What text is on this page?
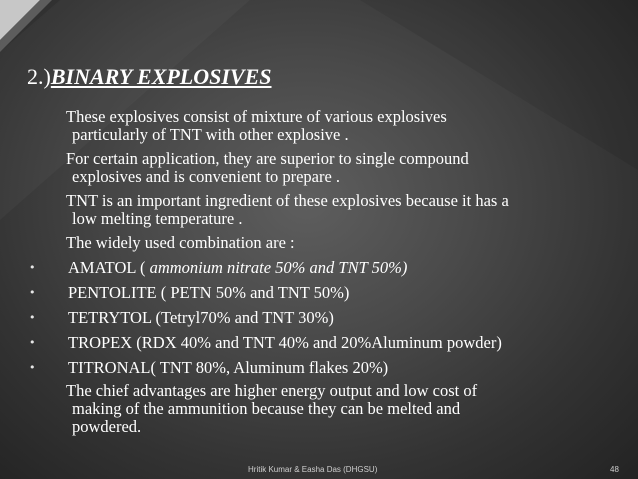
2.)BINARY EXPLOSIVES
These explosives consist of mixture of various explosives
particularly of TNT with other explosive .
For certain application, they are superior to single compound
explosives and is convenient to prepare .
TNT is an important ingredient of these explosives because it has a
low melting temperature .
The widely used combination are :
• AMATOL ( ammonium nitrate 50% and TNT 50%)
• PENTOLITE ( PETN 50% and TNT 50%)
• TETRYTOL (Tetryl70% and TNT 30%)
• TROPEX (RDX 40% and TNT 40% and 20%Aluminum powder)
• TITRONAL( TNT 80%, Aluminum flakes 20%)
The chief advantages are higher energy output and low cost of
making of the ammunition because they can be melted and
powdered.
Hritik Kumar & Easha Das (DHGSU)	48
